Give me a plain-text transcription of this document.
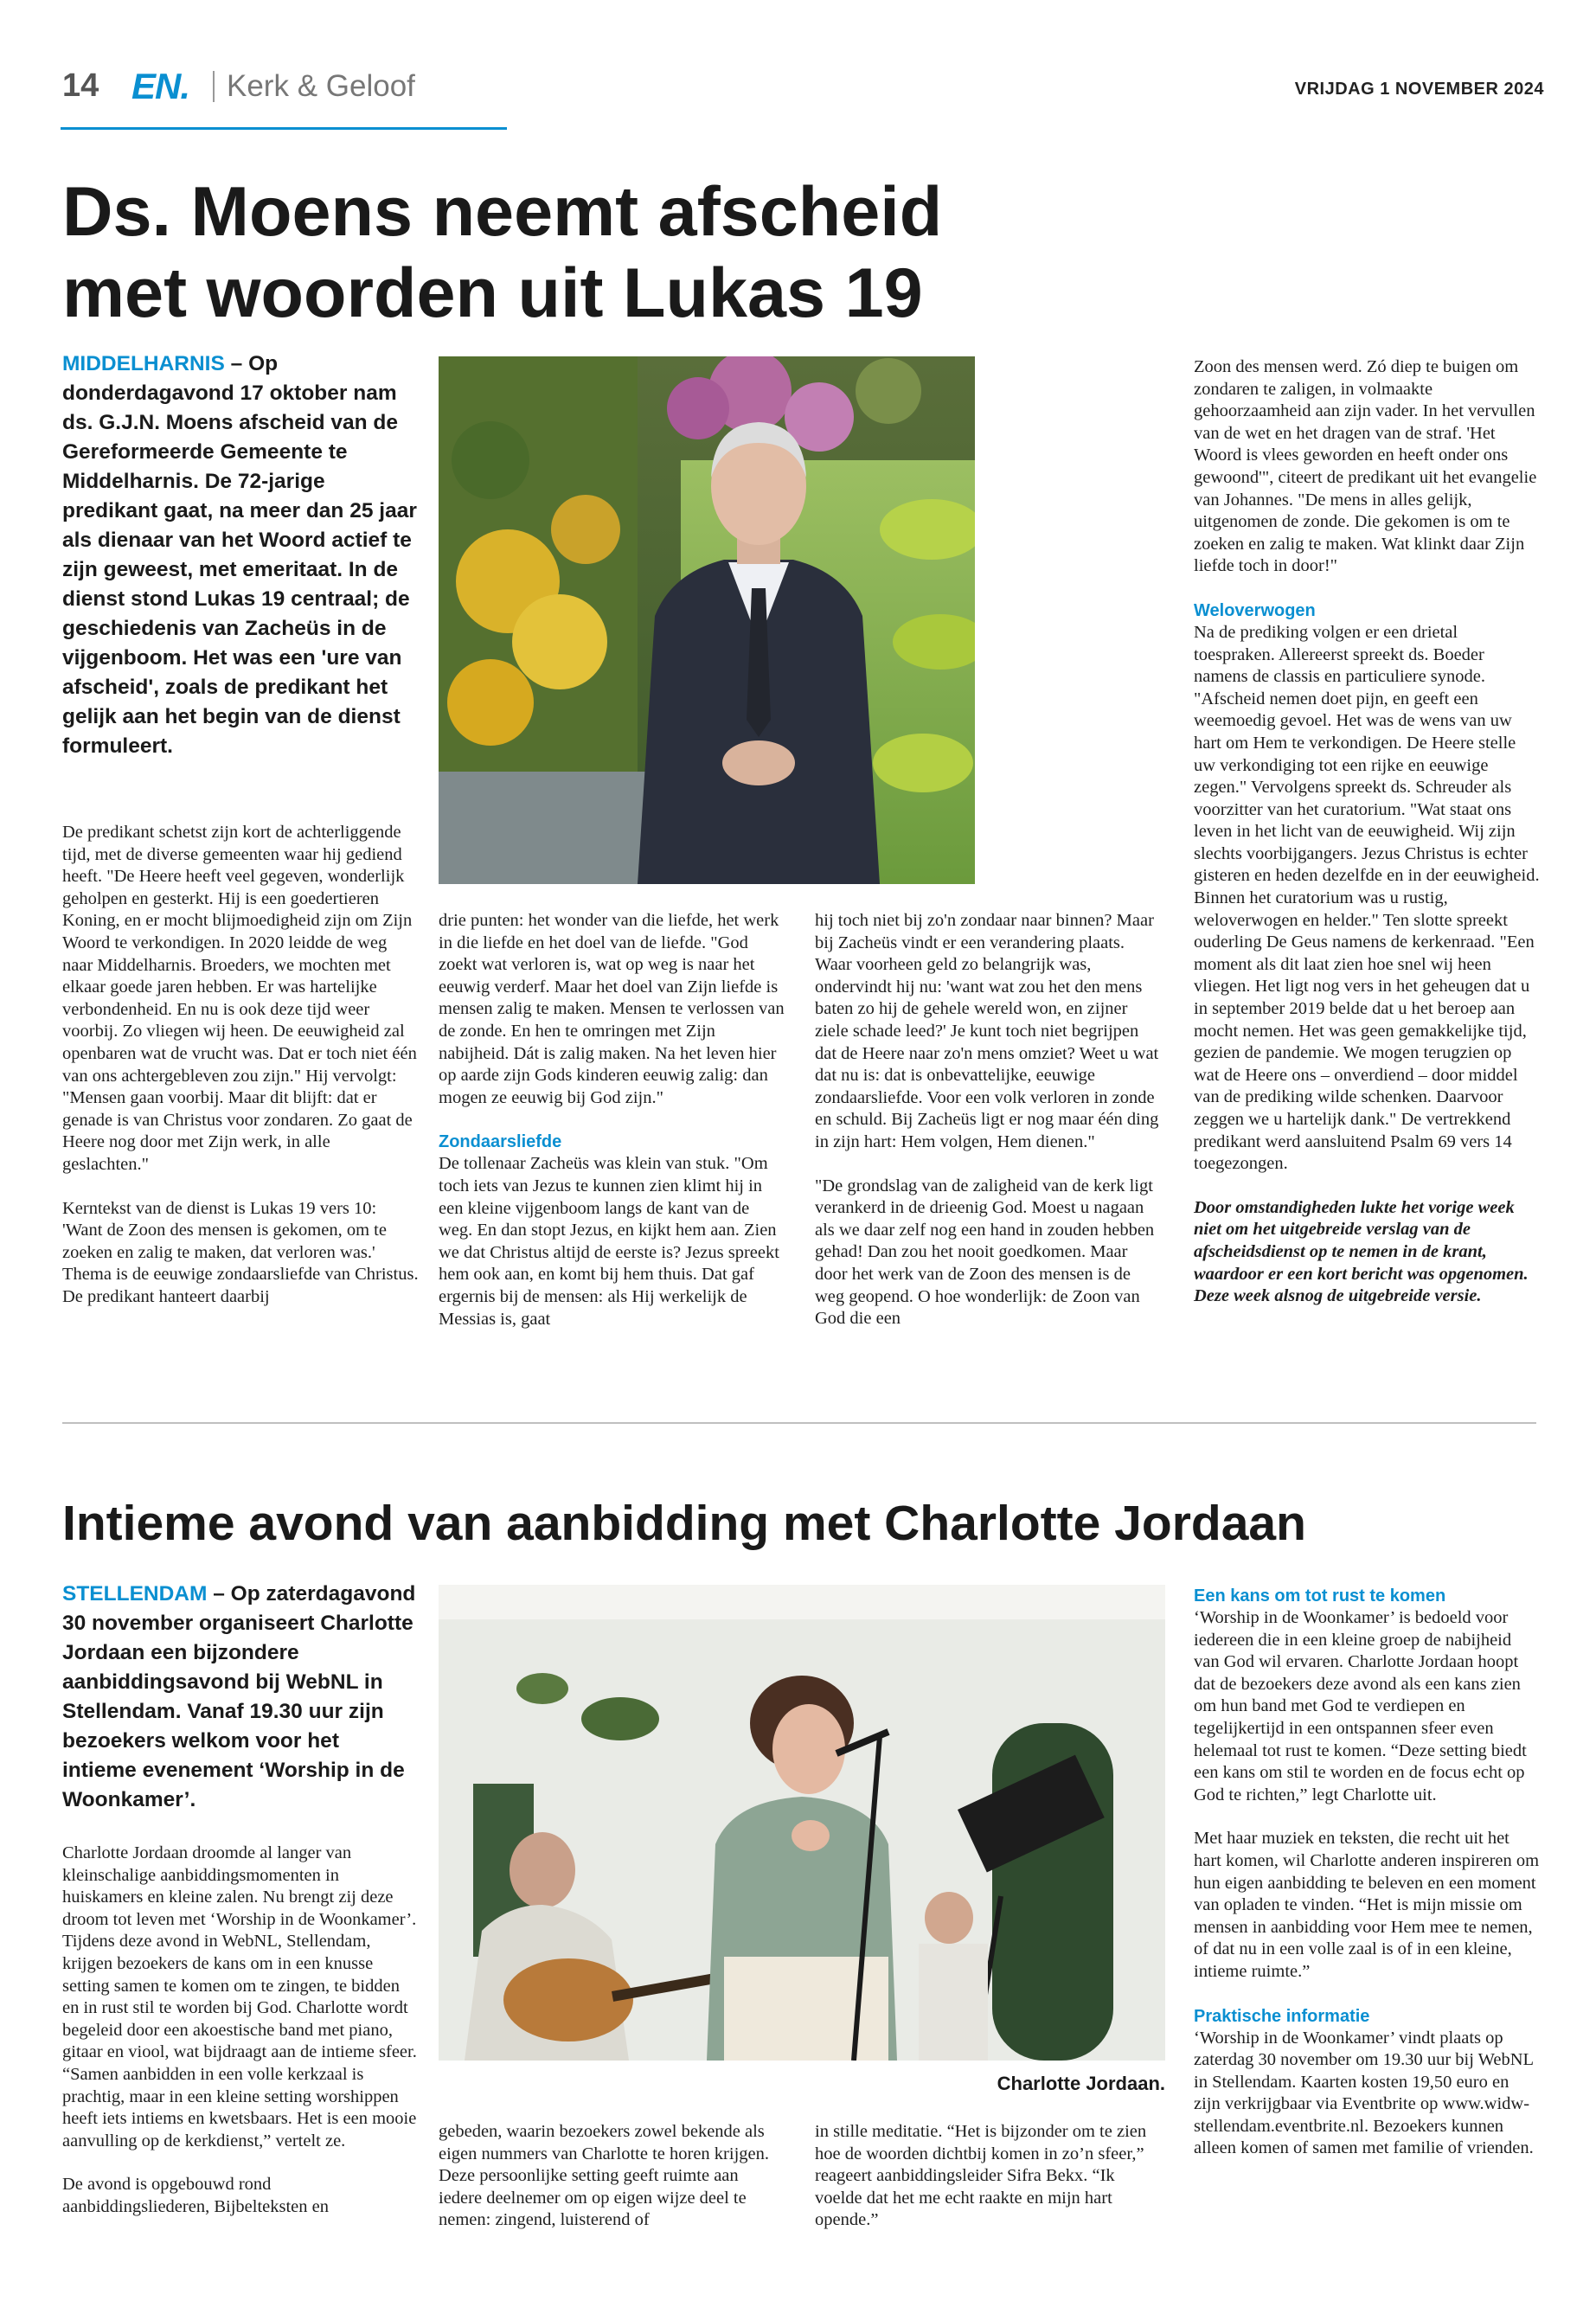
14 EN. Kerk & Geloof	VRIJDAG 1 NOVEMBER 2024
Ds. Moens neemt afscheid
met woorden uit Lukas 19
MIDDELHARNIS – Op donderdagavond 17 oktober nam ds. G.J.N. Moens afscheid van de Gereformeerde Gemeente te Middelharnis. De 72-jarige predikant gaat, na meer dan 25 jaar als dienaar van het Woord actief te zijn geweest, met emeritaat. In de dienst stond Lukas 19 centraal; de geschiedenis van Zacheüs in de vijgenboom. Het was een 'ure van afscheid', zoals de predikant het gelijk aan het begin van de dienst formuleert.

De predikant schetst zijn kort de achterliggende tijd, met de diverse gemeenten waar hij gediend heeft. "De Heere heeft veel gegeven, wonderlijk geholpen en gesterkt. Hij is een goedertieren Koning, en er mocht blijmoedigheid zijn om Zijn Woord te verkondigen. In 2020 leidde de weg naar Middelharnis. Broeders, we mochten met elkaar goede jaren hebben. Er was hartelijke verbondenheid. En nu is ook deze tijd weer voorbij. Zo vliegen wij heen. De eeuwigheid zal openbaren wat de vrucht was. Dat er toch niet één van ons achtergebleven zou zijn." Hij vervolgt: "Mensen gaan voorbij. Maar dit blijft: dat er genade is van Christus voor zondaren. Zo gaat de Heere nog door met Zijn werk, in alle geslachten."

Kerntekst van de dienst is Lukas 19 vers 10: 'Want de Zoon des mensen is gekomen, om te zoeken en zalig te maken, dat verloren was.' Thema is de eeuwige zondaarsliefde van Christus. De predikant hanteert daarbij

drie punten: het wonder van die liefde, het werk in die liefde en het doel van de liefde. "God zoekt wat verloren is, wat op weg is naar het eeuwig verderf. Maar het doel van Zijn liefde is mensen zalig te maken. Mensen te verlossen van de zonde. En hen te omringen met Zijn nabijheid. Dát is zalig maken. Na het leven hier op aarde zijn Gods kinderen eeuwig zalig: dan mogen ze eeuwig bij God zijn."

Zondaarsliefde

De tollenaar Zacheüs was klein van stuk. "Om toch iets van Jezus te kunnen zien klimt hij in een kleine vijgenboom langs de kant van de weg. En dan stopt Jezus, en kijkt hem aan. Zien we dat Christus altijd de eerste is? Jezus spreekt hem ook aan, en komt bij hem thuis. Dat gaf ergernis bij de mensen: als Hij werkelijk de Messias is, gaat

hij toch niet bij zo'n zondaar naar binnen? Maar bij Zacheüs vindt er een verandering plaats. Waar voorheen geld zo belangrijk was, ondervindt hij nu: 'want wat zou het den mens baten zo hij de gehele wereld won, en zijner ziele schade leed?' Je kunt toch niet begrijpen dat de Heere naar zo'n mens omziet? Weet u wat dat nu is: dat is onbevattelijke, eeuwige zondaarsliefde. Voor een volk verloren in zonde en schuld. Bij Zacheüs ligt er nog maar één ding in zijn hart: Hem volgen, Hem dienen."

"De grondslag van de zaligheid van de kerk ligt verankerd in de drieenig God. Moest u nagaan als we daar zelf nog een hand in zouden hebben gehad! Dan zou het nooit goedkomen. Maar door het werk van de Zoon des mensen is de weg geopend. O hoe wonderlijk: de Zoon van God die een

Zoon des mensen werd. Zó diep te buigen om zondaren te zaligen, in volmaakte gehoorzaamheid aan zijn vader. In het vervullen van de wet en het dragen van de straf. 'Het Woord is vlees geworden en heeft onder ons gewoond'", citeert de predikant uit het evangelie van Johannes. "De mens in alles gelijk, uitgenomen de zonde. Die gekomen is om te zoeken en zalig te maken. Wat klinkt daar Zijn liefde toch in door!"

Weloverwogen

Na de prediking volgen er een drietal toespraken. Allereerst spreekt ds. Boeder namens de classis en particuliere synode. "Afscheid nemen doet pijn, en geeft een weemoedig gevoel. Het was de wens van uw hart om Hem te verkondigen. De Heere stelle uw verkondiging tot een rijke en eeuwige zegen." Vervolgens spreekt ds. Schreuder als voorzitter van het curatorium. "Wat staat ons leven in het licht van de eeuwigheid. Wij zijn slechts voorbijgangers. Jezus Christus is echter gisteren en heden dezelfde en in der eeuwigheid. Binnen het curatorium was u rustig, weloverwogen en helder." Ten slotte spreekt ouderling De Geus namens de kerkenraad. "Een moment als dit laat zien hoe snel wij heen vliegen. Het ligt nog vers in het geheugen dat u in september 2019 belde dat u het beroep aan mocht nemen. Het was geen gemakkelijke tijd, gezien de pandemie. We mogen terugzien op wat de Heere ons – onverdiend – door middel van de prediking wilde schenken. Daarvoor zeggen we u hartelijk dank." De vertrekkend predikant werd aansluitend Psalm 69 vers 14 toegezongen.

Door omstandigheden lukte het vorige week niet om het uitgebreide verslag van de afscheidsdienst op te nemen in de krant, waardoor er een kort bericht was opgenomen. Deze week alsnog de uitgebreide versie.

Intieme avond van aanbidding met Charlotte Jordaan
STELLENDAM – Op zaterdagavond 30 november organiseert Charlotte Jordaan een bijzondere aanbiddingsavond bij WebNL in Stellendam. Vanaf 19.30 uur zijn bezoekers welkom voor het intieme evenement ‘Worship in de Woonkamer’.

Charlotte Jordaan droomde al langer van kleinschalige aanbiddingsmomenten in huiskamers en kleine zalen. Nu brengt zij deze droom tot leven met ‘Worship in de Woonkamer’. Tijdens deze avond in WebNL, Stellendam, krijgen bezoekers de kans om in een knusse setting samen te komen om te zingen, te bidden en in rust stil te worden bij God. Charlotte wordt begeleid door een akoestische band met piano, gitaar en viool, wat bijdraagt aan de intieme sfeer. “Samen aanbidden in een volle kerkzaal is prachtig, maar in een kleine setting worshippen heeft iets intiems en kwetsbaars. Het is een mooie aanvulling op de kerkdienst,” vertelt ze.

De avond is opgebouwd rond aanbiddingsliederen, Bijbelteksten en

Charlotte Jordaan.

gebeden, waarin bezoekers zowel bekende als eigen nummers van Charlotte te horen krijgen. Deze persoonlijke setting geeft ruimte aan iedere deelnemer om op eigen wijze deel te nemen: zingend, luisterend of

in stille meditatie. “Het is bijzonder om te zien hoe de woorden dichtbij komen in zo’n sfeer,” reageert aanbiddingsleider Sifra Bekx. “Ik voelde dat het me echt raakte en mijn hart opende.”

Een kans om tot rust te komen

‘Worship in de Woonkamer’ is bedoeld voor iedereen die in een kleine groep de nabijheid van God wil ervaren. Charlotte Jordaan hoopt dat de bezoekers deze avond als een kans zien om hun band met God te verdiepen en tegelijkertijd in een ontspannen sfeer even helemaal tot rust te komen. “Deze setting biedt een kans om stil te worden en de focus echt op God te richten,” legt Charlotte uit.

Met haar muziek en teksten, die recht uit het hart komen, wil Charlotte anderen inspireren om hun eigen aanbidding te beleven en een moment van opladen te vinden. “Het is mijn missie om mensen in aanbidding voor Hem mee te nemen, of dat nu in een volle zaal is of in een kleine, intieme ruimte.”

Praktische informatie

‘Worship in de Woonkamer’ vindt plaats op zaterdag 30 november om 19.30 uur bij WebNL in Stellendam. Kaarten kosten 19,50 euro en zijn verkrijgbaar via Eventbrite op www.widw-stellendam.eventbrite.nl. Bezoekers kunnen alleen komen of samen met familie of vrienden.
